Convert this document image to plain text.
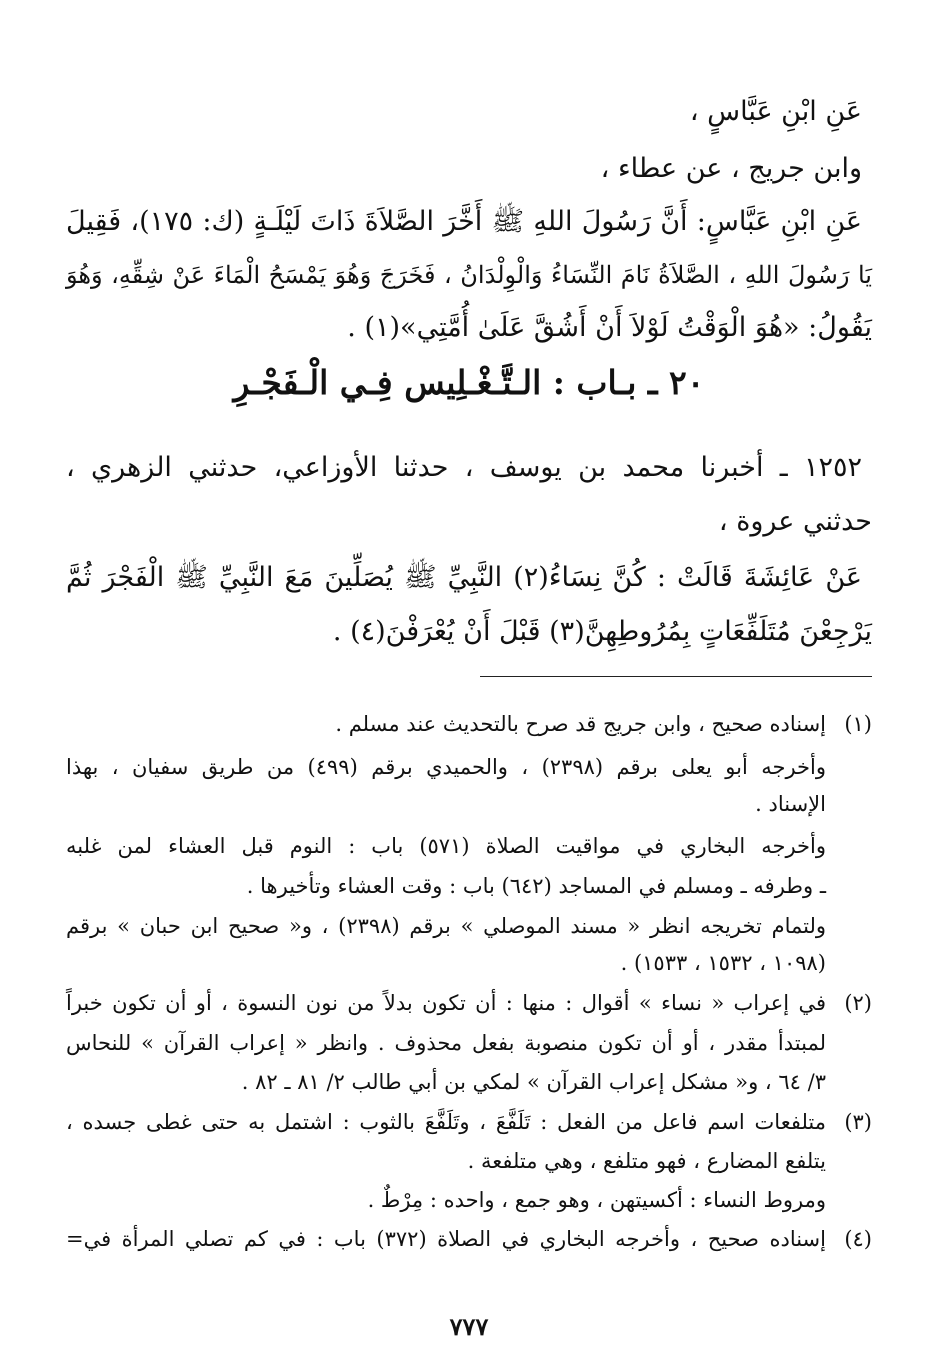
عَنِ ابْنِ عَبَّاسٍ ،
وابن جريج ، عن عطاء ،
عَنِ ابْنِ عَبَّاسٍ: أَنَّ رَسُولَ اللهِ ﷺ أَخَّرَ الصَّلاَةَ ذَاتَ لَيْلَـةٍ (ك: ١٧٥)، فَقِيلَ
يَا رَسُولَ اللهِ ، الصَّلاَةُ نَامَ النِّسَاءُ وَالْوِلْدَانُ ، فَخَرَجَ وَهُوَ يَمْسَحُ الْمَاءَ عَنْ شِقِّهِ، وَهُوَ
يَقُولُ: «هُوَ الْوَقْتُ لَوْلاَ أَنْ أَشُقَّ عَلَىٰ أُمَّتِي»(١) .
٢٠ ـ بـاب : الـتَّـغْـلِيس فِـي الْـفَجْـرِ
١٢٥٢ ـ أخبرنا محمد بن يوسف ، حدثنا الأوزاعي، حدثني الزهري ،
حدثني عروة ،
عَنْ عَائِشَةَ قَالَتْ : كُنَّ نِسَاءُ(٢) النَّبِيِّ ﷺ يُصَلِّينَ مَعَ النَّبِيِّ ﷺ الْفَجْرَ ثُمَّ
يَرْجِعْنَ مُتَلَفِّعَاتٍ بِمُرُوطِهِنَّ(٣) قَبْلَ أَنْ يُعْرَفْنَ(٤) .
(١)
إسناده صحيح ، وابن جريج قد صرح بالتحديث عند مسلم .
وأخرجه أبو يعلى برقم (٢٣٩٨) ، والحميدي برقم (٤٩٩) من طريق سفيان ، بهذا
الإسناد .
وأخرجه البخاري في مواقيت الصلاة (٥٧١) باب : النوم قبل العشاء لمن غلبه
ـ وطرفه ـ ومسلم في المساجد (٦٤٢) باب : وقت العشاء وتأخيرها .
ولتمام تخريجه انظر « مسند الموصلي » برقم (٢٣٩٨) ، و« صحيح ابن حبان » برقم
(١٠٩٨ ، ١٥٣٢ ، ١٥٣٣) .
(٢)
في إعراب « نساء » أقوال : منها : أن تكون بدلاً من نون النسوة ، أو أن تكون خبراً
لمبتدأ مقدر ، أو أن تكون منصوبة بفعل محذوف . وانظر « إعراب القرآن » للنحاس
٣/ ٦٤ ، و« مشكل إعراب القرآن » لمكي بن أبي طالب ٢/ ٨١ ـ ٨٢ .
(٣)
متلفعات اسم فاعل من الفعل : تَلَفَّعَ ، وتَلَفَّعَ بالثوب : اشتمل به حتى غطى جسده ،
يتلفع المضارع ، فهو متلفع ، وهي متلفعة .
ومروط النساء : أكسيتهن ، وهو جمع ، واحده : مِرْطٌ .
(٤)
إسناده صحيح ، وأخرجه البخاري في الصلاة (٣٧٢) باب : في كم تصلي المرأة في=
٧٧٧
